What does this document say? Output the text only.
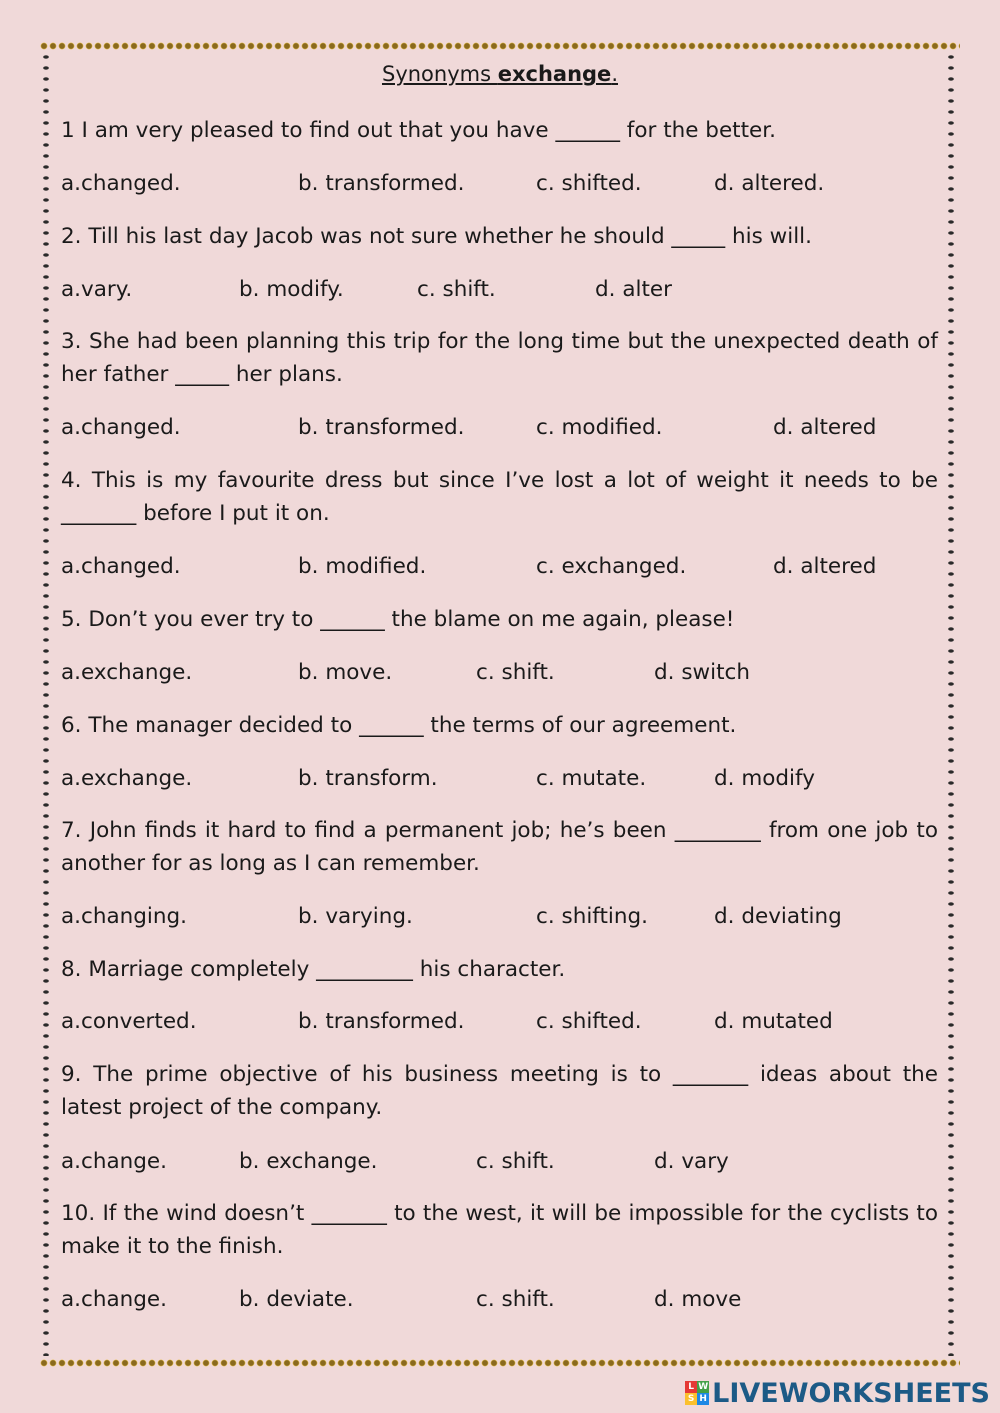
Synonyms exchange.
1 I am very pleased to find out that you have ______ for the better.
a.changed.	b. transformed.	c. shifted.	d. altered.
2. Till his last day Jacob was not sure whether he should _____ his will.
a.vary.	b. modify.	c. shift.	d. alter
3. She had been planning this trip for the long time but the unexpected death of her father _____ her plans.
a.changed.	b. transformed.	c. modified.	d. altered
4. This is my favourite dress but since I’ve lost a lot of weight it needs to be _______ before I put it on.
a.changed.	b. modified.	c. exchanged.	d. altered
5. Don’t you ever try to ______ the blame on me again, please!
a.exchange.	b. move.	c. shift.	d. switch
6. The manager decided to ______ the terms of our agreement.
a.exchange.	b. transform.	c. mutate.	d. modify
7. John finds it hard to find a permanent job; he’s been ________ from one job to another for as long as I can remember.
a.changing.	b. varying.	c. shifting.	d. deviating
8. Marriage completely _________ his character.
a.converted.	b. transformed.	c. shifted.	d. mutated
9. The prime objective of his business meeting is to _______ ideas about the latest project of the company.
a.change.	b. exchange.	c. shift.	d. vary
10. If the wind doesn’t _______ to the west, it will be impossible for the cyclists to make it to the finish.
a.change.	b. deviate.	c. shift.	d. move
L W
S H LIVEWORKSHEETS
